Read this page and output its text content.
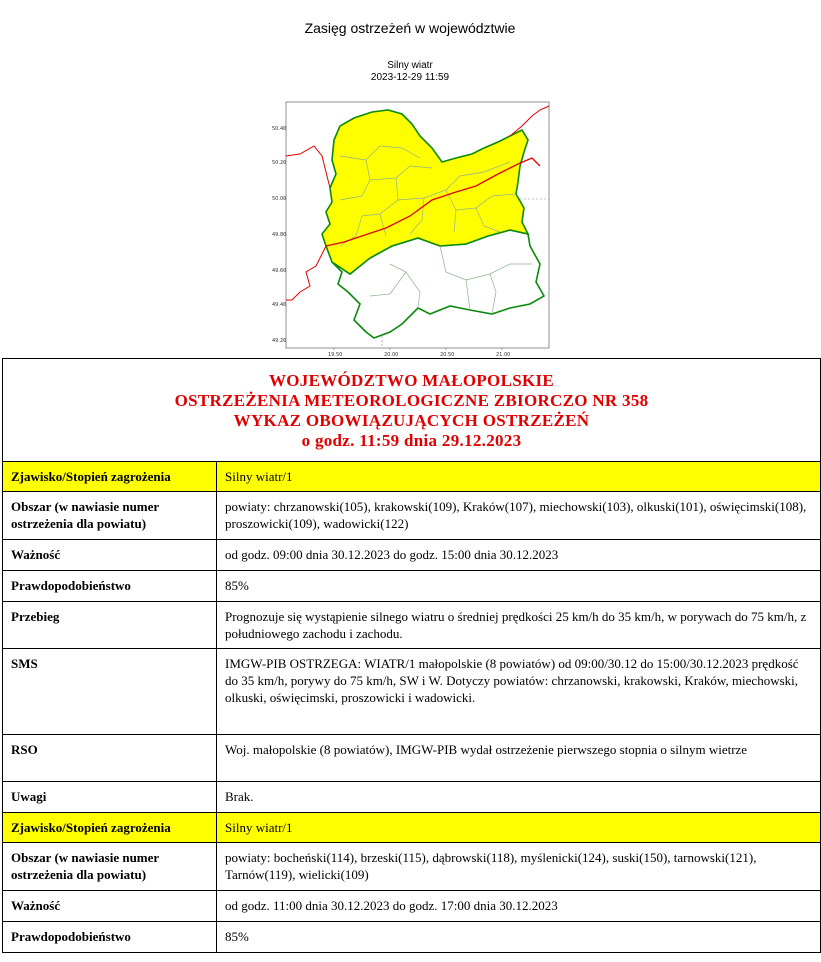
Zasięg ostrzeżeń w województwie
Silny wiatr
2023-12-29 11:59
50.40
50.20
50.00
49.80
49.60
49.40
49.20
19.50	20.00	20.50	21.00
WOJEWÓDZTWO MAŁOPOLSKIE
OSTRZEŻENIA METEOROLOGICZNE ZBIORCZO NR 358
WYKAZ OBOWIĄZUJĄCYCH OSTRZEŻEŃ
o godz. 11:59 dnia 29.12.2023	

Zjawisko/Stopień zagrożenia	Silny wiatr/1
Obszar (w nawiasie numer ostrzeżenia dla powiatu)	powiaty: chrzanowski(105), krakowski(109), Kraków(107), miechowski(103), olkuski(101), oświęcimski(108), proszowicki(109), wadowicki(122)
Ważność	od godz. 09:00 dnia 30.12.2023 do godz. 15:00 dnia 30.12.2023
Prawdopodobieństwo	85%
Przebieg	Prognozuje się wystąpienie silnego wiatru o średniej prędkości 25 km/h do 35 km/h, w porywach do 75 km/h, z południowego zachodu i zachodu.
SMS	IMGW-PIB OSTRZEGA: WIATR/1 małopolskie (8 powiatów) od 09:00/30.12 do 15:00/30.12.2023 prędkość do 35 km/h, porywy do 75 km/h, SW i W. Dotyczy powiatów: chrzanowski, krakowski, Kraków, miechowski, olkuski, oświęcimski, proszowicki i wadowicki.
RSO	Woj. małopolskie (8 powiatów), IMGW-PIB wydał ostrzeżenie pierwszego stopnia o silnym wietrze
Uwagi	Brak.
Zjawisko/Stopień zagrożenia	Silny wiatr/1
Obszar (w nawiasie numer ostrzeżenia dla powiatu)	powiaty: bocheński(114), brzeski(115), dąbrowski(118), myślenicki(124), suski(150), tarnowski(121), Tarnów(119), wielicki(109)
Ważność	od godz. 11:00 dnia 30.12.2023 do godz. 17:00 dnia 30.12.2023
Prawdopodobieństwo	85%
